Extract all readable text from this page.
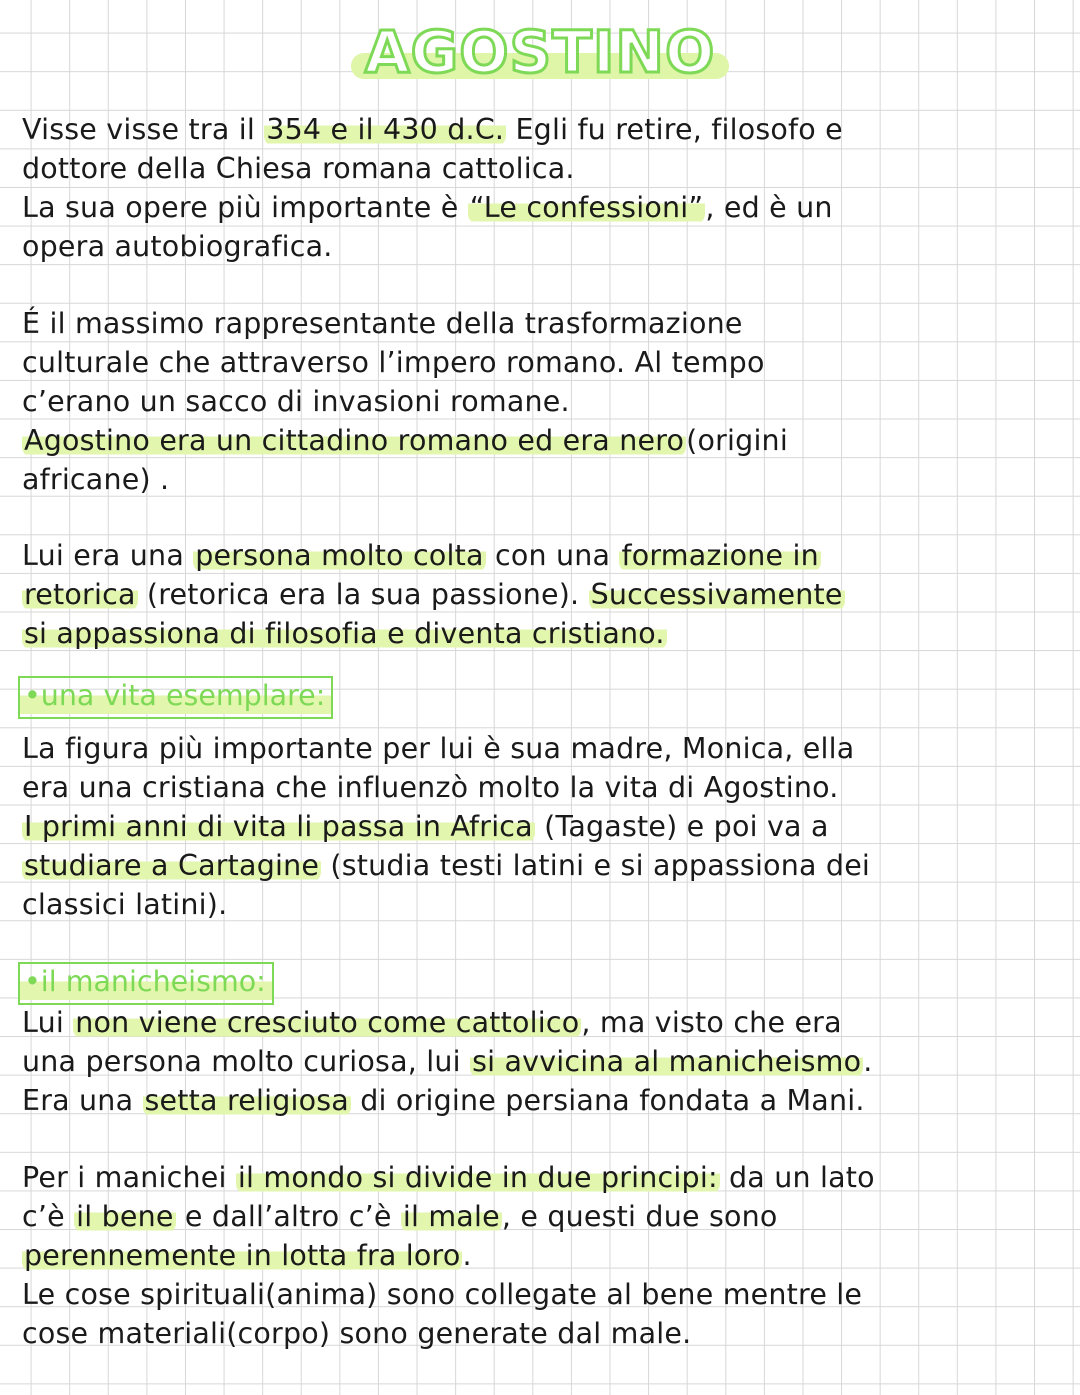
AGOSTINO
Visse visse tra il 354 e il 430 d.C. Egli fu retire, filosofo e
dottore della Chiesa romana cattolica.
La sua opere più importante è “Le confessioni”, ed è un
opera autobiografica.
É il massimo rappresentante della trasformazione
culturale che attraverso l’impero romano. Al tempo
c’erano un sacco di invasioni romane.
Agostino era un cittadino romano ed era nero(origini
africane) .
Lui era una persona molto colta con una formazione in
retorica (retorica era la sua passione). Successivamente
si appassiona di filosofia e diventa cristiano.
•una vita esemplare:
La figura più importante per lui è sua madre, Monica, ella
era una cristiana che influenzò molto la vita di Agostino.
I primi anni di vita li passa in Africa (Tagaste) e poi va a
studiare a Cartagine (studia testi latini e si appassiona dei
classici latini).
•il manicheismo:
Lui non viene cresciuto come cattolico, ma visto che era
una persona molto curiosa, lui si avvicina al manicheismo.
Era una setta religiosa di origine persiana fondata a Mani.
Per i manichei il mondo si divide in due principi: da un lato
c’è il bene e dall’altro c’è il male, e questi due sono
perennemente in lotta fra loro.
Le cose spirituali(anima) sono collegate al bene mentre le
cose materiali(corpo) sono generate dal male.
